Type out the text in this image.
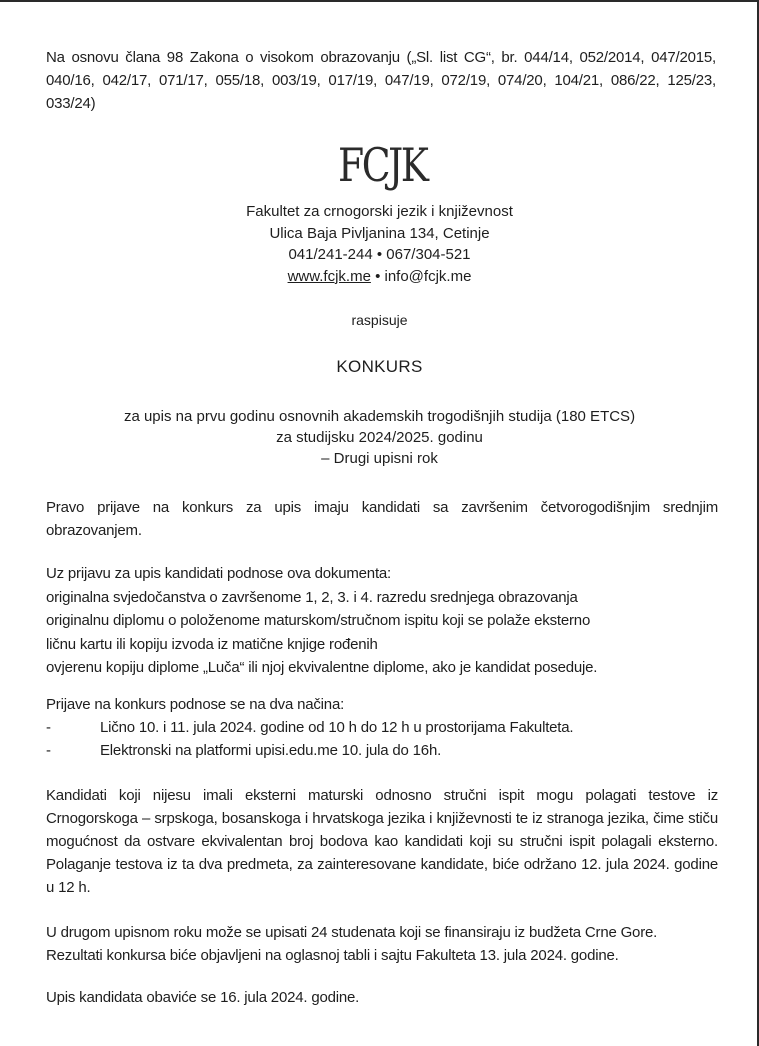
Na osnovu člana 98 Zakona o visokom obrazovanju („Sl. list CG“, br. 044/14, 052/2014, 047/2015, 040/16, 042/17, 071/17, 055/18, 003/19, 017/19, 047/19, 072/19, 074/20, 104/21, 086/22, 125/23, 033/24)
FCJK
Fakultet za crnogorski jezik i književnost
Ulica Baja Pivljanina 134, Cetinje
041/241-244 • 067/304-521
www.fcjk.me • info@fcjk.me
raspisuje
KONKURS
za upis na prvu godinu osnovnih akademskih trogodišnjih studija (180 ETCS)
za studijsku 2024/2025. godinu
– Drugi upisni rok
Pravo prijave na konkurs za upis imaju kandidati sa završenim četvorogodišnjim srednjim
obrazovanjem.
Uz prijavu za upis kandidati podnose ova dokumenta:
originalna svjedočanstva o završenome 1, 2, 3. i 4. razredu srednjega obrazovanja
originalnu diplomu o položenome maturskom/stručnom ispitu koji se polaže eksterno
ličnu kartu ili kopiju izvoda iz matične knjige rođenih
ovjerenu kopiju diplome „Luča“ ili njoj ekvivalentne diplome, ako je kandidat poseduje.
Prijave na konkurs podnose se na dva načina:
-	Lično 10. i 11. jula 2024. godine od 10 h do 12 h u prostorijama Fakulteta.
-	Elektronski na platformi upisi.edu.me 10. jula do 16h.
Kandidati koji nijesu imali eksterni maturski odnosno stručni ispit mogu polagati testove iz
Crnogorskoga – srpskoga, bosanskoga i hrvatskoga jezika i književnosti te iz stranoga jezika, čime stiču
mogućnost da ostvare ekvivalentan broj bodova kao kandidati koji su stručni ispit polagali eksterno.
Polaganje testova iz ta dva predmeta, za zainteresovane kandidate, biće održano 12. jula 2024. godine
u 12 h.
U drugom upisnom roku može se upisati 24 studenata koji se finansiraju iz budžeta Crne Gore.
Rezultati konkursa biće objavljeni na oglasnoj tabli i sajtu Fakulteta 13. jula 2024. godine.
Upis kandidata obaviće se 16. jula 2024. godine.
